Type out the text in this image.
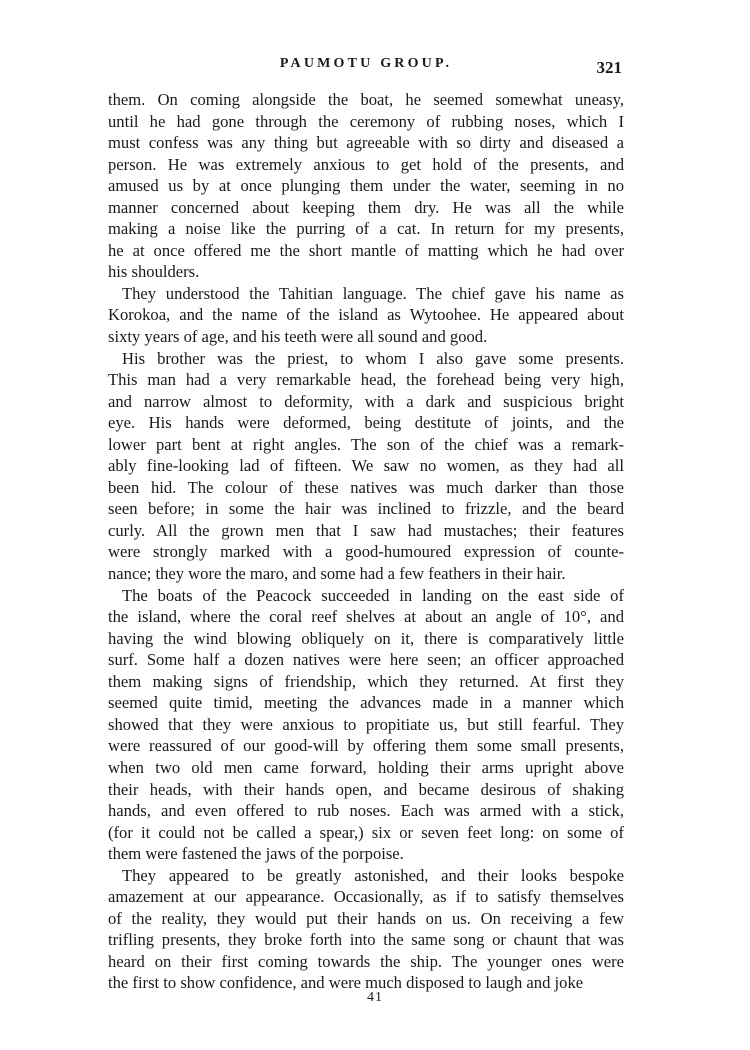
PAUMOTU GROUP.	321
them. On coming alongside the boat, he seemed somewhat uneasy,
until he had gone through the ceremony of rubbing noses, which I
must confess was any thing but agreeable with so dirty and diseased a
person. He was extremely anxious to get hold of the presents, and
amused us by at once plunging them under the water, seeming in no
manner concerned about keeping them dry. He was all the while
making a noise like the purring of a cat. In return for my presents,
he at once offered me the short mantle of matting which he had over
his shoulders.
They understood the Tahitian language. The chief gave his name as
Korokoa, and the name of the island as Wytoohee. He appeared about
sixty years of age, and his teeth were all sound and good.
His brother was the priest, to whom I also gave some presents.
This man had a very remarkable head, the forehead being very high,
and narrow almost to deformity, with a dark and suspicious bright
eye. His hands were deformed, being destitute of joints, and the
lower part bent at right angles. The son of the chief was a remark-
ably fine-looking lad of fifteen. We saw no women, as they had all
been hid. The colour of these natives was much darker than those
seen before; in some the hair was inclined to frizzle, and the beard
curly. All the grown men that I saw had mustaches; their features
were strongly marked with a good-humoured expression of counte-
nance; they wore the maro, and some had a few feathers in their hair.
The boats of the Peacock succeeded in landing on the east side of
the island, where the coral reef shelves at about an angle of 10°, and
having the wind blowing obliquely on it, there is comparatively little
surf. Some half a dozen natives were here seen; an officer approached
them making signs of friendship, which they returned. At first they
seemed quite timid, meeting the advances made in a manner which
showed that they were anxious to propitiate us, but still fearful. They
were reassured of our good-will by offering them some small presents,
when two old men came forward, holding their arms upright above
their heads, with their hands open, and became desirous of shaking
hands, and even offered to rub noses. Each was armed with a stick,
(for it could not be called a spear,) six or seven feet long: on some of
them were fastened the jaws of the porpoise.
They appeared to be greatly astonished, and their looks bespoke
amazement at our appearance. Occasionally, as if to satisfy themselves
of the reality, they would put their hands on us. On receiving a few
trifling presents, they broke forth into the same song or chaunt that was
heard on their first coming towards the ship. The younger ones were
the first to show confidence, and were much disposed to laugh and joke
41
